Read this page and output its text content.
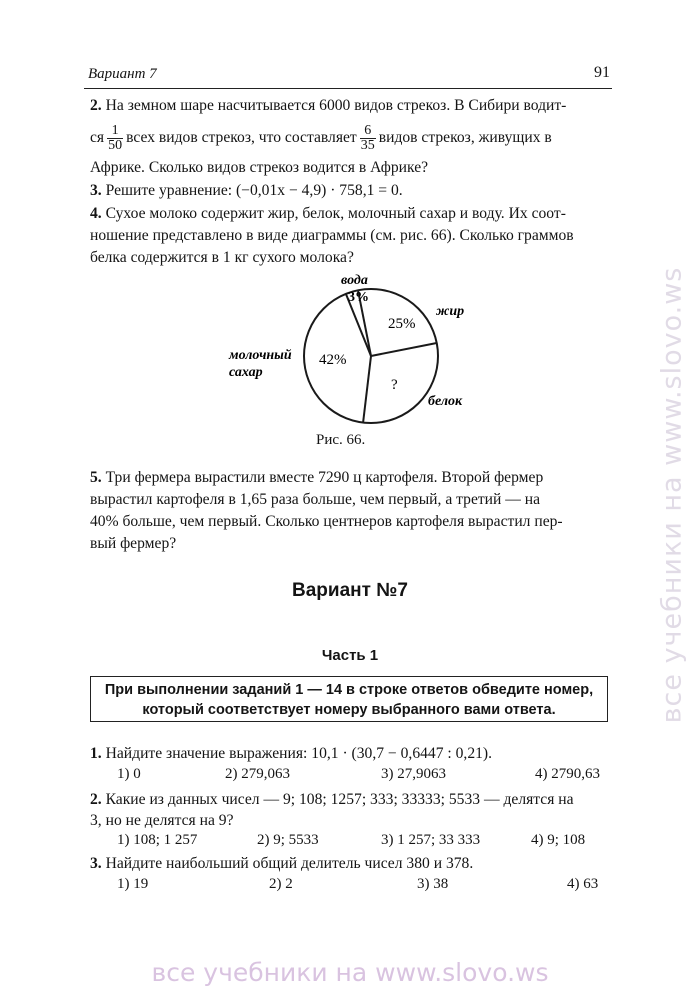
Вариант 7	91

2. На земном шаре насчитывается 6000 видов стрекоз. В Сибири водит-

ся $\frac{1}{50}$ всех видов стрекоз, что составляет $\frac{6}{35}$ видов стрекоз, живущих в

Африке. Сколько видов стрекоз водится в Африке?

3. Решите уравнение: (−0,01x − 4,9) · 758,1 = 0.

4. Сухое молоко содержит жир, белок, молочный сахар и воду. Их соот-

ношение представлено в виде диаграммы (см. рис. 66). Сколько граммов

белка содержится в 1 кг сухого молока?

3%
25%
?
42%
вода
жир
белок
молочный
сахар
Рис. 66.

5. Три фермера вырастили вместе 7290 ц картофеля. Второй фермер

вырастил картофеля в 1,65 раза больше, чем первый, а третий — на

40% больше, чем первый. Сколько центнеров картофеля вырастил пер-

вый фермер?

Вариант №7
Часть 1
При выполнении заданий 1 — 14 в строке ответов обведите номер,
который соответствует номеру выбранного вами ответа.

1. Найдите значение выражения: 10,1 · (30,7 − 0,6447 : 0,21).

1) 0	2) 279,063	3) 27,9063	4) 2790,63

2. Какие из данных чисел — 9; 108; 1257; 333; 33333; 5533 — делятся на

3, но не делятся на 9?

1) 108; 1 257	2) 9; 5533	3) 1 257; 33 333	4) 9; 108

3. Найдите наибольший общий делитель чисел 380 и 378.

1) 19	2) 2	3) 38	4) 63
все учебники на www.slovo.ws
все учебники на www.slovo.ws
